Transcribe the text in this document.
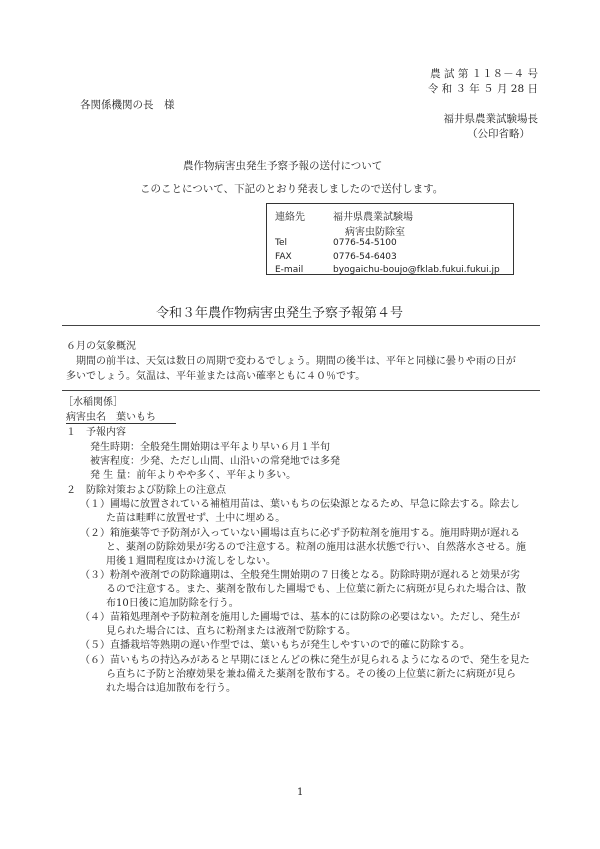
農 試 第 １１８－４ 号
令 和 ３ 年 ５ 月 28 日
各関係機関の長　様
福井県農業試験場長
（公印省略）
農作物病害虫発生予察予報の送付について
このことについて、下記のとおり発表しましたので送付します。
連絡先	福井県農業試験場
病害虫防除室
Tel	0776-54-5100
FAX	0776-54-6403
E-mail	byogaichu-boujo@fklab.fukui.fukui.jp
令和３年農作物病害虫発生予察予報第４号
６月の気象概況
期間の前半は、天気は数日の周期で変わるでしょう。期間の後半は、平年と同様に曇りや雨の日が
多いでしょう。気温は、平年並または高い確率ともに４０％です。
［水稲関係］
病害虫名　葉いもち
１　予報内容
発生時期：全般発生開始期は平年より早い６月１半旬
被害程度：少発、ただし山間、山沿いの常発地では多発
発 生 量：前年よりやや多く、平年より多い。
２　防除対策および防除上の注意点
（１）圃場に放置されている補植用苗は、葉いもちの伝染源となるため、早急に除去する。除去し
た苗は畦畔に放置せず、土中に埋める。
（２）箱施薬等で予防剤が入っていない圃場は直ちに必ず予防粒剤を施用する。施用時期が遅れる
と、薬剤の防除効果が劣るので注意する。粒剤の施用は湛水状態で行い、自然落水させる。施
用後１週間程度はかけ流しをしない。
（３）粉剤や液剤での防除適期は、全般発生開始期の７日後となる。防除時期が遅れると効果が劣
るので注意する。また、薬剤を散布した圃場でも、上位葉に新たに病斑が見られた場合は、散
布10日後に追加防除を行う。
（４）苗箱処理剤や予防粒剤を施用した圃場では、基本的には防除の必要はない。ただし、発生が
見られた場合には、直ちに粉剤または液剤で防除する。
（５）直播栽培等熟期の遅い作型では、葉いもちが発生しやすいので的確に防除する。
（６）苗いもちの持込みがあると早期にほとんどの株に発生が見られるようになるので、発生を見た
ら直ちに予防と治療効果を兼ね備えた薬剤を散布する。その後の上位葉に新たに病斑が見ら
れた場合は追加散布を行う。
1
